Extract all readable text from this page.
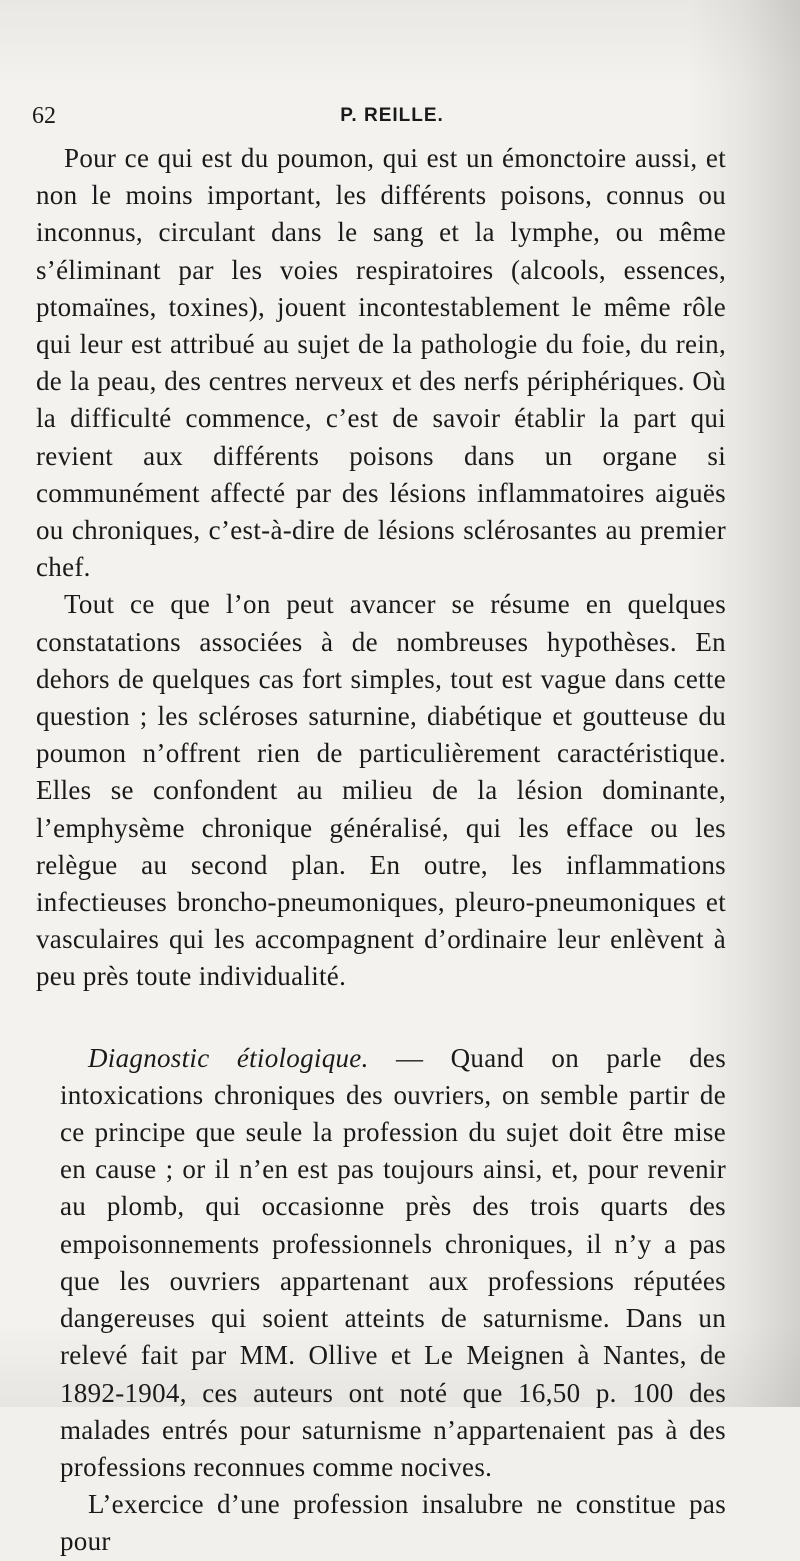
62	P. REILLE.

Pour ce qui est du poumon, qui est un émonctoire aussi, et non le moins important, les différents poisons, connus ou inconnus, circulant dans le sang et la lymphe, ou même s’éliminant par les voies respiratoires (alcools, essences, ptomaïnes, toxines), jouent incontestablement le même rôle qui leur est attribué au sujet de la pathologie du foie, du rein, de la peau, des centres nerveux et des nerfs périphériques. Où la difficulté commence, c’est de savoir établir la part qui revient aux différents poisons dans un organe si communément affecté par des lésions inflammatoires aiguës ou chroniques, c’est-à-dire de lésions sclérosantes au premier chef.

Tout ce que l’on peut avancer se résume en quelques constatations associées à de nombreuses hypothèses. En dehors de quelques cas fort simples, tout est vague dans cette question ; les scléroses saturnine, diabétique et goutteuse du poumon n’offrent rien de particulièrement caractéristique. Elles se confondent au milieu de la lésion dominante, l’emphysème chronique généralisé, qui les efface ou les relègue au second plan. En outre, les inflammations infectieuses broncho-pneumoniques, pleuro-pneumoniques et vasculaires qui les accompagnent d’ordinaire leur enlèvent à peu près toute individualité.

Diagnostic étiologique. — Quand on parle des intoxications chroniques des ouvriers, on semble partir de ce principe que seule la profession du sujet doit être mise en cause ; or il n’en est pas toujours ainsi, et, pour revenir au plomb, qui occasionne près des trois quarts des empoisonnements professionnels chroniques, il n’y a pas que les ouvriers appartenant aux professions réputées dangereuses qui soient atteints de saturnisme. Dans un relevé fait par MM. Ollive et Le Meignen à Nantes, de 1892-1904, ces auteurs ont noté que 16,50 p. 100 des malades entrés pour saturnisme n’appartenaient pas à des professions reconnues comme nocives.

L’exercice d’une profession insalubre ne constitue pas pour
